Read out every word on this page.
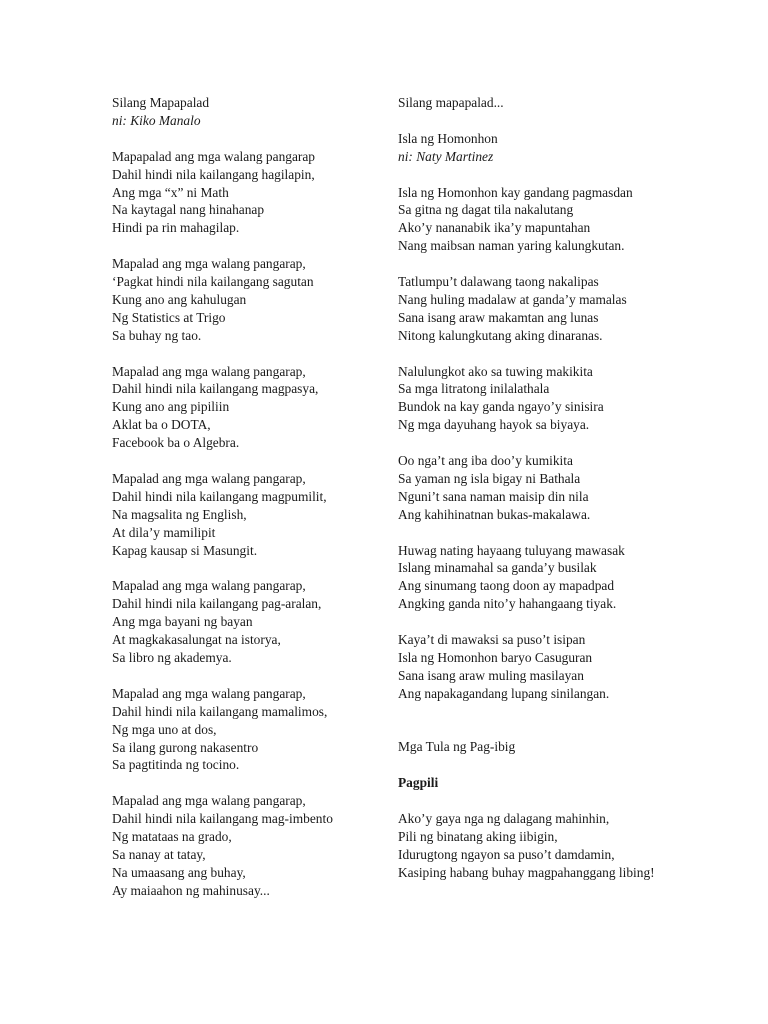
Silang Mapapalad
ni: Kiko Manalo
Mapapalad ang mga walang pangarap
Dahil hindi nila kailangang hagilapin,
Ang mga “x” ni Math
Na kaytagal nang hinahanap
Hindi pa rin mahagilap.
Mapalad ang mga walang pangarap,
‘Pagkat hindi nila kailangang sagutan
Kung ano ang kahulugan
Ng Statistics at Trigo
Sa buhay ng tao.
Mapalad ang mga walang pangarap,
Dahil hindi nila kailangang magpasya,
Kung ano ang pipiliin
Aklat ba o DOTA,
Facebook ba o Algebra.
Mapalad ang mga walang pangarap,
Dahil hindi nila kailangang magpumilit,
Na magsalita ng English,
At dila’y mamilipit
Kapag kausap si Masungit.
Mapalad ang mga walang pangarap,
Dahil hindi nila kailangang pag-aralan,
Ang mga bayani ng bayan
At magkakasalungat na istorya,
Sa libro ng akademya.
Mapalad ang mga walang pangarap,
Dahil hindi nila kailangang mamalimos,
Ng mga uno at dos,
Sa ilang gurong nakasentro
Sa pagtitinda ng tocino.
Mapalad ang mga walang pangarap,
Dahil hindi nila kailangang mag-imbento
Ng matataas na grado,
Sa nanay at tatay,
Na umaasang ang buhay,
Ay maiaahon ng mahinusay...
Silang mapapalad...
Isla ng Homonhon
ni: Naty Martinez
Isla ng Homonhon kay gandang pagmasdan
Sa gitna ng dagat tila nakalutang
Ako’y nananabik ika’y mapuntahan
Nang maibsan naman yaring kalungkutan.
Tatlumpu’t dalawang taong nakalipas
Nang huling madalaw at ganda’y mamalas
Sana isang araw makamtan ang lunas
Nitong kalungkutang aking dinaranas.
Nalulungkot ako sa tuwing makikita
Sa mga litratong inilalathala
Bundok na kay ganda ngayo’y sinisira
Ng mga dayuhang hayok sa biyaya.
Oo nga’t ang iba doo’y kumikita
Sa yaman ng isla bigay ni Bathala
Nguni’t sana naman maisip din nila
Ang kahihinatnan bukas-makalawa.
Huwag nating hayaang tuluyang mawasak
Islang minamahal sa ganda’y busilak
Ang sinumang taong doon ay mapadpad
Angking ganda nito’y hahangaang tiyak.
Kaya’t di mawaksi sa puso’t isipan
Isla ng Homonhon baryo Casuguran
Sana isang araw muling masilayan
Ang napakagandang lupang sinilangan.
Mga Tula ng Pag-ibig
Pagpili
Ako’y gaya nga ng dalagang mahinhin,
Pili ng binatang aking iibigin,
Idurugtong ngayon sa puso’t damdamin,
Kasiping habang buhay magpahanggang libing!
